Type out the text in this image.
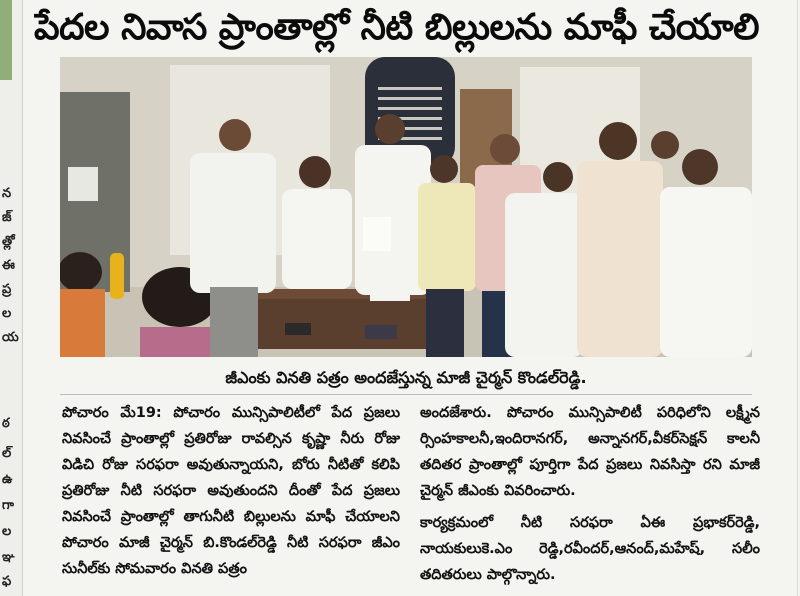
న
జ్
త్లో
ఈ
ప్ర
ల
య
ఠ
ల్
ఉ
గా
ల
ఞ
ఫ
పేదల నివాస ప్రాంతాల్లో నీటి బిల్లులను మాఫీ చేయాలి
జీఎంకు వినతి పత్రం అందజేస్తున్న మాజీ చైర్మన్ కొండల్‌రెడ్డి.

పోచారం మే19: పోచారం మున్సిపాలిటీలో పేద ప్రజలు నివసించే ప్రాంతాల్లో ప్రతిరోజు రావల్సిన కృష్ణా నీరు రోజు విడిచి రోజు సరఫరా అవుతున్నాయని, బోరు నీటితో కలిపి ప్రతిరోజు నీటి సరఫరా అవుతుందని దీంతో పేద ప్రజలు నివసించే ప్రాంతాల్లో తాగునీటి బిల్లులను మాఫీ చేయాలని పోచారం మాజీ చైర్మన్ బి.కొండల్‌రెడ్డి నీటి సరఫరా జీఎం సునీల్‌కు సోమవారం వినతి పత్రం

అందజేశారు. పోచారం మున్సిపాలిటీ పరిధిలోని లక్ష్మీన ర్సింహకాలనీ,ఇందిరానగర్, అన్నానగర్,వీకర్‌సెక్షన్ కాలనీ తదితర ప్రాంతాల్లో పూర్తిగా పేద ప్రజలు నివసిస్తా రని మాజీ చైర్మన్ జీఎంకు వివరించారు.

కార్యక్రమంలో నీటి సరఫరా ఏఈ ప్రభాకర్‌రెడ్డి, నాయకులుకె.ఎం రెడ్డి,రవీందర్,ఆనంద్,మహేష్, సలీం తదితరులు పాల్గొన్నారు.
